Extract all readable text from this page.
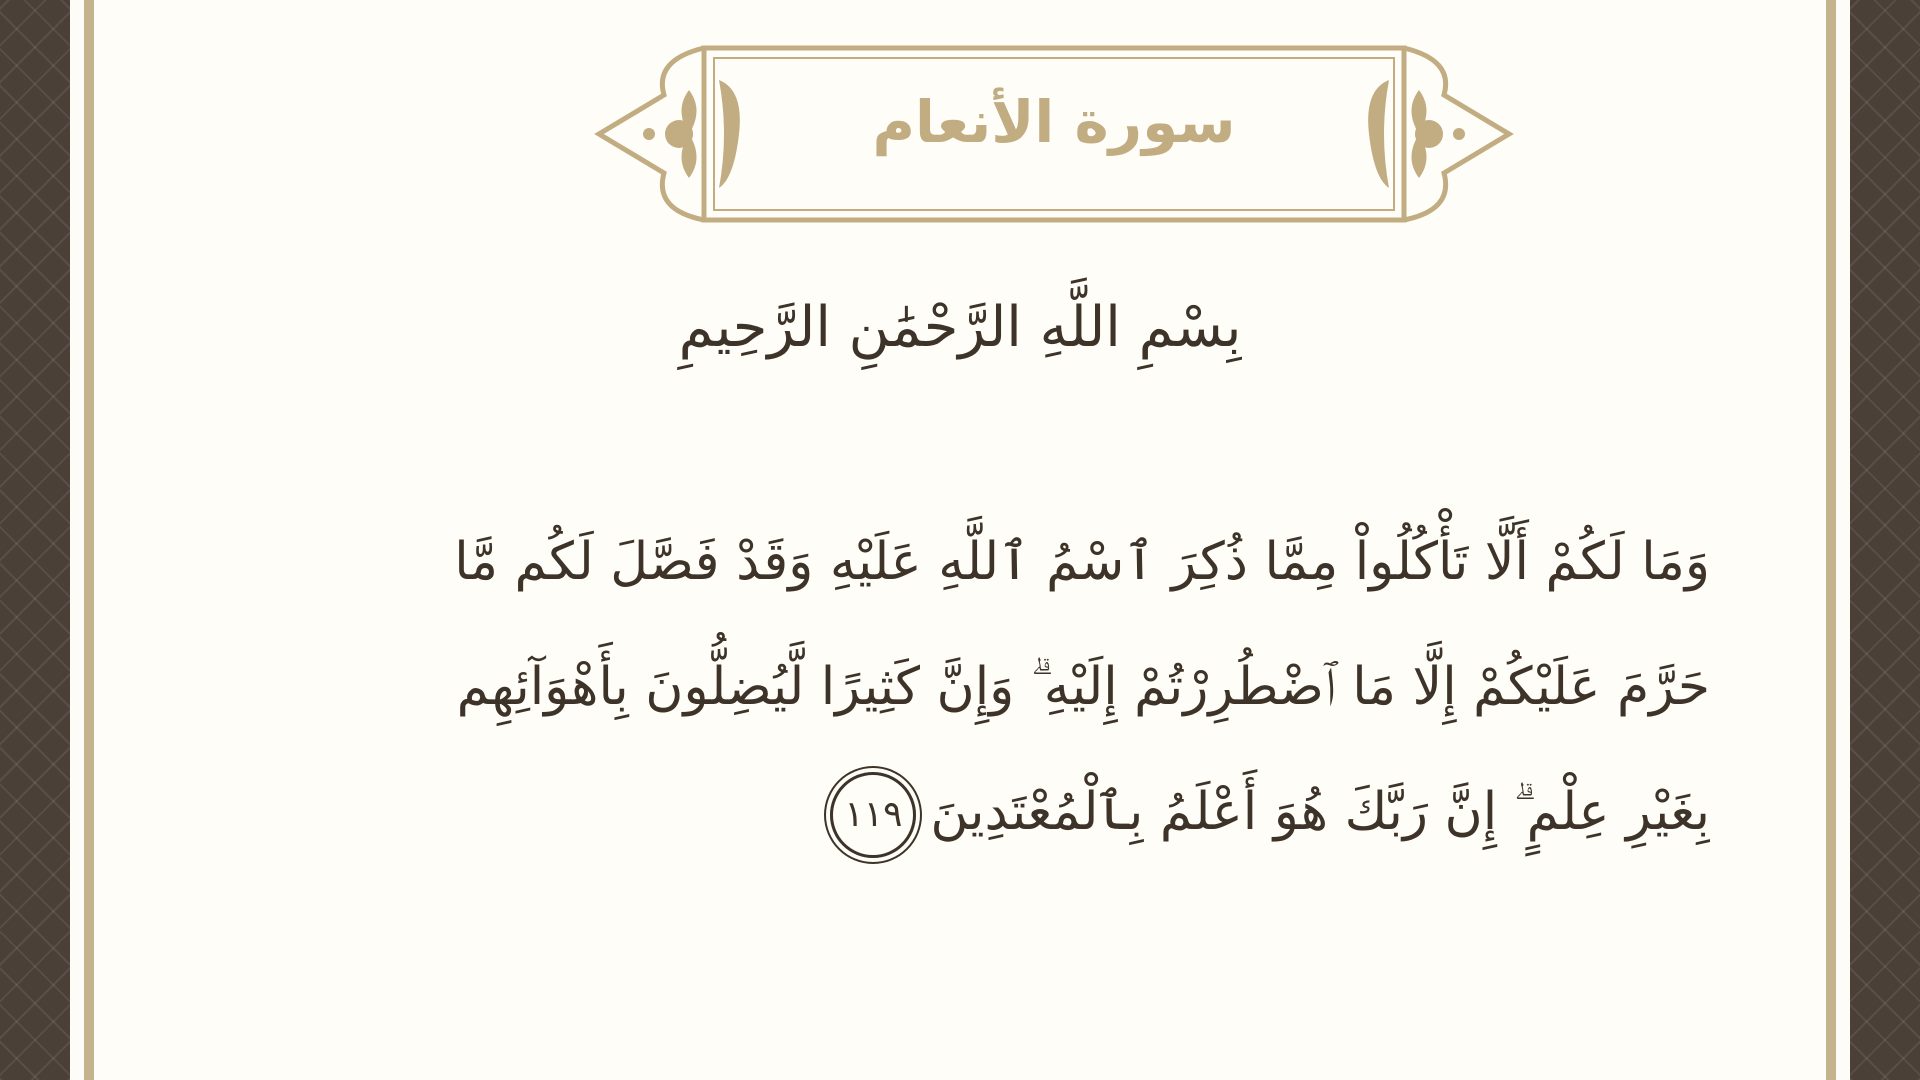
سورة الأنعام
بِسْمِ اللَّهِ الرَّحْمَٰنِ الرَّحِيمِ
وَمَا لَكُمْ أَلَّا تَأْكُلُواْ مِمَّا ذُكِرَ ٱسْمُ ٱللَّهِ عَلَيْهِ وَقَدْ فَصَّلَ لَكُم مَّا
حَرَّمَ عَلَيْكُمْ إِلَّا مَا ٱضْطُرِرْتُمْ إِلَيْهِ ۗ وَإِنَّ كَثِيرًا لَّيُضِلُّونَ بِأَهْوَآئِهِم
بِغَيْرِ عِلْمٍ ۗ إِنَّ رَبَّكَ هُوَ أَعْلَمُ بِٱلْمُعْتَدِينَ١١٩
